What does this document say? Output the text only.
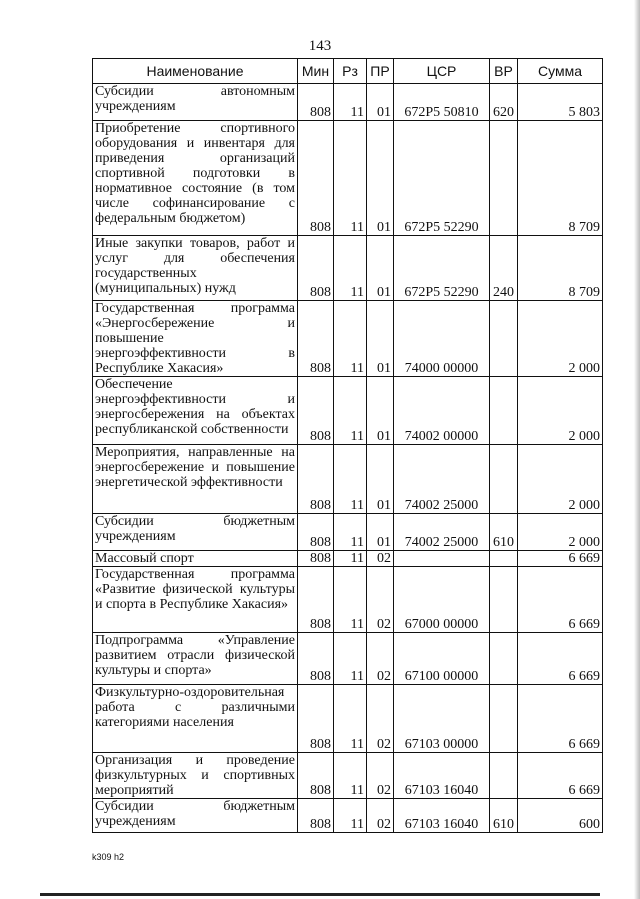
143
Наименование	Мин	Рз	ПР	ЦСР	ВР	Сумма
Субсидии автономным учреждениям	808	11	01	672Р5 50810	620	5 803
Приобретение спортивного оборудования и инвентаря для приведения организаций спортивной подготовки в нормативное состояние (в том числе софинансирование с федеральным бюджетом)	808	11	01	672Р5 52290		8 709
Иные закупки товаров, работ и услуг для обеспечения государственных (муниципальных) нужд	808	11	01	672Р5 52290	240	8 709
Государственная программа «Энергосбережение и повышение энергоэффективности в Республике Хакасия»	808	11	01	74000 00000		2 000
Обеспечение энергоэффективности и энергосбережения на объектах республиканской собственности	808	11	01	74002 00000		2 000
Мероприятия, направленные на энергосбережение и повышение энергетической эффективности	808	11	01	74002 25000		2 000
Субсидии бюджетным учреждениям	808	11	01	74002 25000	610	2 000
Массовый спорт	808	11	02			6 669
Государственная программа «Развитие физической культуры и спорта в Республике Хакасия»	808	11	02	67000 00000		6 669
Подпрограмма «Управление развитием отрасли физической культуры и спорта»	808	11	02	67100 00000		6 669
Физкультурно-оздоровительная работа с различными категориями населения	808	11	02	67103 00000		6 669
Организация и проведение физкультурных и спортивных мероприятий	808	11	02	67103 16040		6 669
Субсидии бюджетным учреждениям	808	11	02	67103 16040	610	600
k309 h2
